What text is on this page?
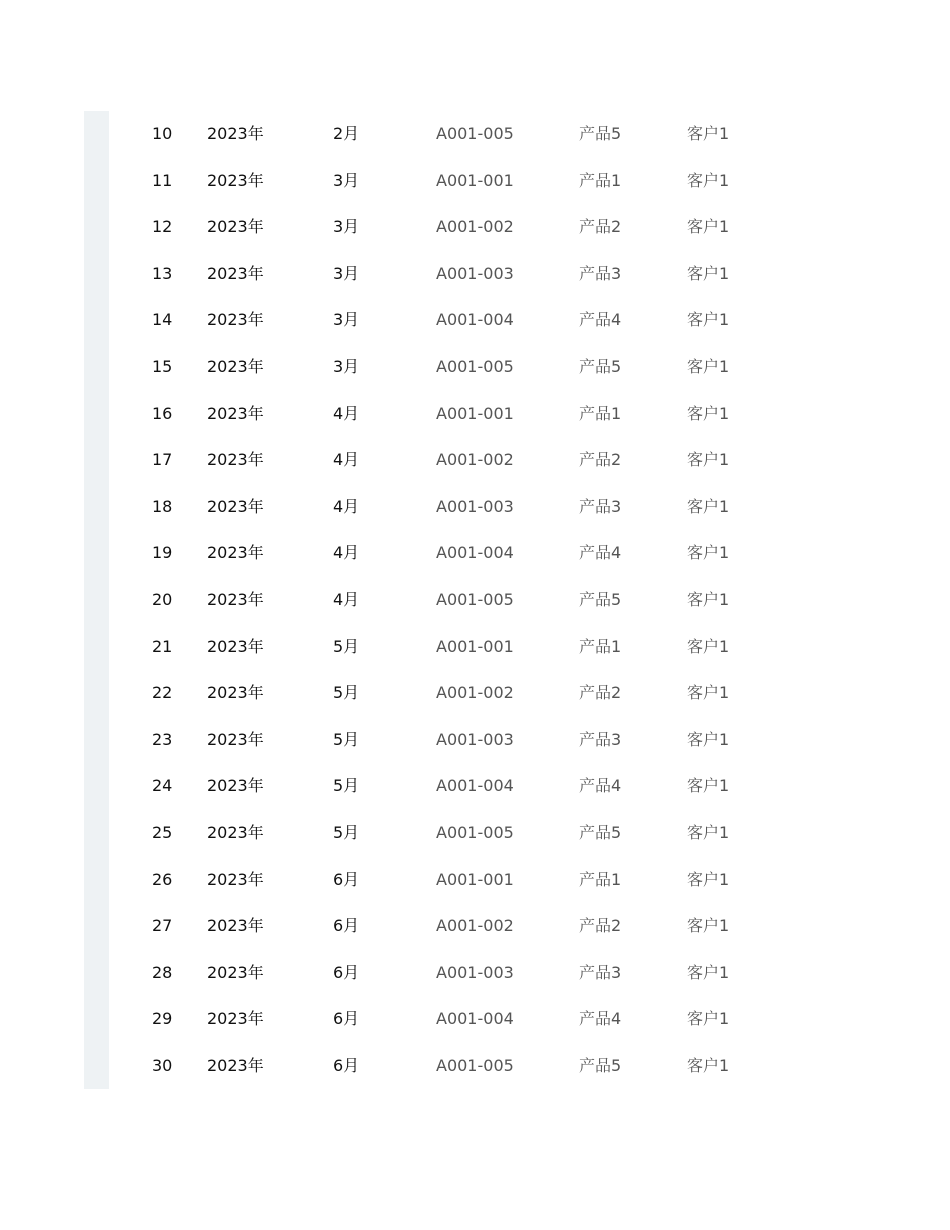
10 2023年	2月	A001-005	产品5	客户1
11 2023年	3月	A001-001	产品1	客户1
12 2023年	3月	A001-002	产品2	客户1
13 2023年	3月	A001-003	产品3	客户1
14 2023年	3月	A001-004	产品4	客户1
15 2023年	3月	A001-005	产品5	客户1
16 2023年	4月	A001-001	产品1	客户1
17 2023年	4月	A001-002	产品2	客户1
18 2023年	4月	A001-003	产品3	客户1
19 2023年	4月	A001-004	产品4	客户1
20 2023年	4月	A001-005	产品5	客户1
21 2023年	5月	A001-001	产品1	客户1
22 2023年	5月	A001-002	产品2	客户1
23 2023年	5月	A001-003	产品3	客户1
24 2023年	5月	A001-004	产品4	客户1
25 2023年	5月	A001-005	产品5	客户1
26 2023年	6月	A001-001	产品1	客户1
27 2023年	6月	A001-002	产品2	客户1
28 2023年	6月	A001-003	产品3	客户1
29 2023年	6月	A001-004	产品4	客户1
30 2023年	6月	A001-005	产品5	客户1
